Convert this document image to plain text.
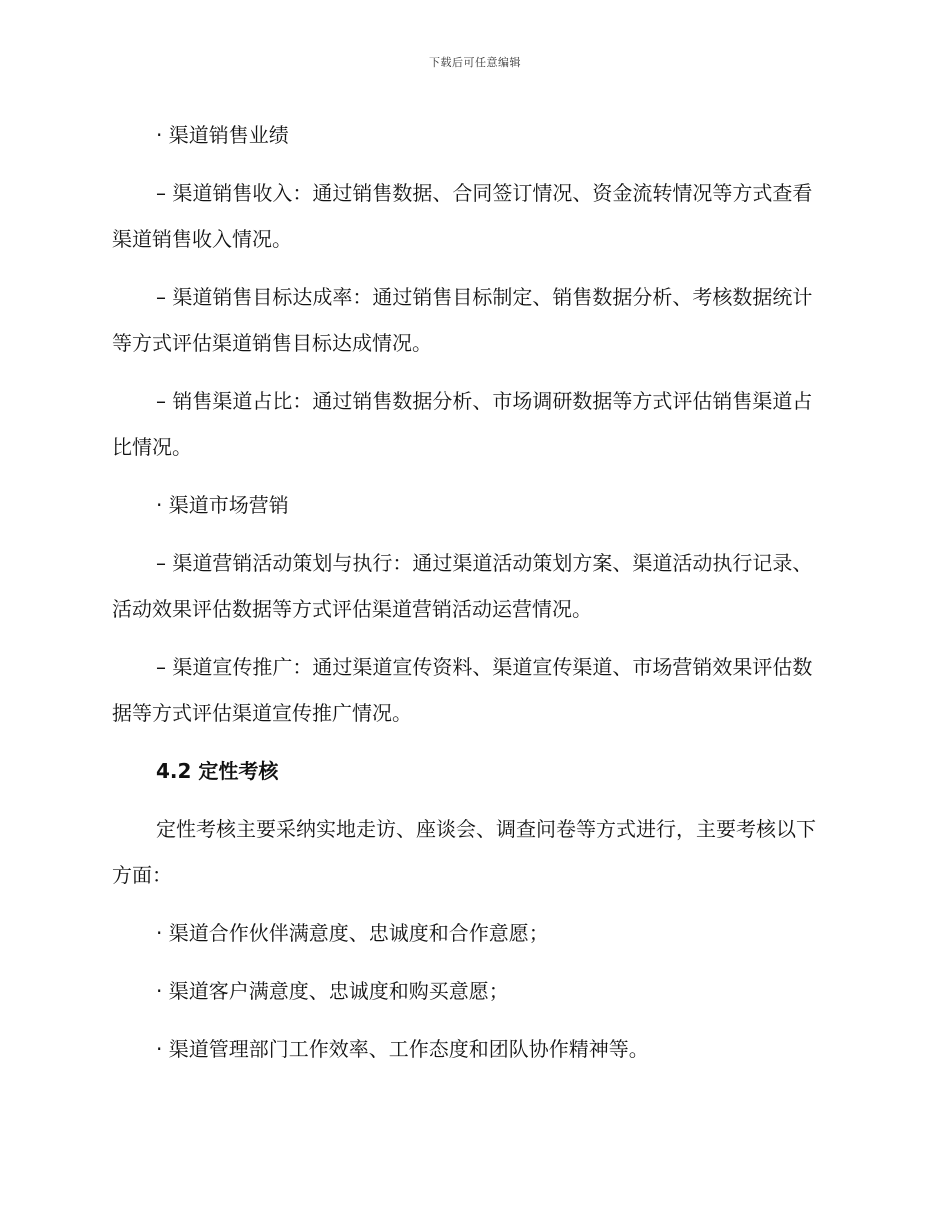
下载后可任意编辑

· 渠道销售业绩

– 渠道销售收入：通过销售数据、合同签订情况、资金流转情况等方式查看渠道销售收入情况。

– 渠道销售目标达成率：通过销售目标制定、销售数据分析、考核数据统计等方式评估渠道销售目标达成情况。

– 销售渠道占比：通过销售数据分析、市场调研数据等方式评估销售渠道占比情况。

· 渠道市场营销

– 渠道营销活动策划与执行：通过渠道活动策划方案、渠道活动执行记录、活动效果评估数据等方式评估渠道营销活动运营情况。

– 渠道宣传推广：通过渠道宣传资料、渠道宣传渠道、市场营销效果评估数据等方式评估渠道宣传推广情况。

4.2 定性考核

定性考核主要采纳实地走访、座谈会、调查问卷等方式进行，主要考核以下方面：

· 渠道合作伙伴满意度、忠诚度和合作意愿；

· 渠道客户满意度、忠诚度和购买意愿；

· 渠道管理部门工作效率、工作态度和团队协作精神等。
